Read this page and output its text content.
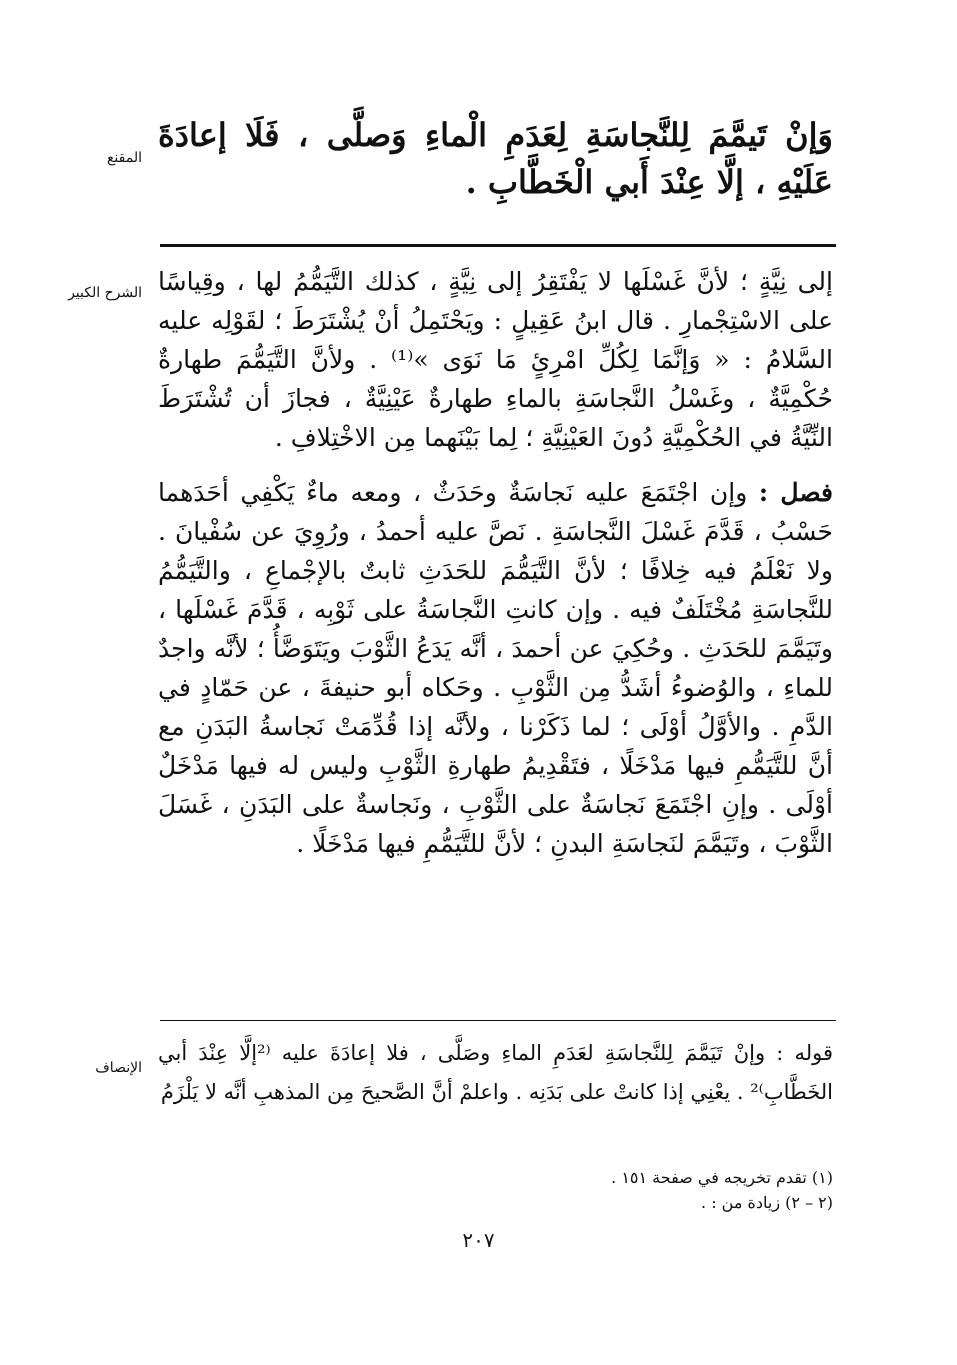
المقنع
وَإنْ تَيمَّمَ لِلنَّجاسَةِ لِعَدَمِ الْماءِ وَصلَّى ، فَلَا إعادَةَ عَلَيْهِ ، إلَّا عِنْدَ أَبي الْخَطَّابِ .
الشرح الكبير إلى نِيَّةٍ ؛ لأنَّ غَسْلَها لا يَفْتَقِرُ إلى نِيَّةٍ ، كذلك التَّيَمُّمُ لها ، وقِياسًا على الاسْتِجْمارِ . قال ابنُ عَقِيلٍ : ويَحْتَمِلُ أنْ يُشْتَرَطَ ؛ لقَوْلِه عليه السَّلامُ : « وَإنَّمَا لِكُلِّ امْرِئٍ مَا نَوَى »⁽¹⁾ . ولأنَّ التَّيَمُّمَ طهارةٌ حُكْمِيَّةٌ ، وغَسْلُ النَّجاسَةِ بالماءِ طهارةٌ عَيْنِيَّةٌ ، فجازَ أن تُشْتَرَطَ النِّيَّةُ في الحُكْمِيَّةِ دُونَ العَيْنِيَّةِ ؛ لِما بَيْنَهما مِن الاخْتِلافِ .

فصل : وإن اجْتَمَعَ عليه نَجاسَةٌ وحَدَثٌ ، ومعه ماءٌ يَكْفِي أحَدَهما حَسْبُ ، قَدَّمَ غَسْلَ النَّجاسَةِ . نَصَّ عليه أحمدُ ، ورُوِيَ عن سُفْيانَ . ولا نَعْلَمُ فيه خِلافًا ؛ لأنَّ التَّيَمُّمَ للحَدَثِ ثابتٌ بالإجْماعِ ، والتَّيَمُّمُ للنَّجاسَةِ مُخْتَلَفٌ فيه . وإن كانتِ النَّجاسَةُ على ثَوْبِه ، قَدَّمَ غَسْلَها ، وتَيَمَّمَ للحَدَثِ . وحُكِيَ عن أحمدَ ، أنَّه يَدَعُ الثَّوْبَ ويَتَوَضَّأُ ؛ لأنَّه واجدٌ للماءِ ، والوُضوءُ أشَدُّ مِن الثَّوْبِ . وحَكاه أبو حنيفةَ ، عن حَمّادٍ في الدَّمِ . والأوَّلُ أوْلَى ؛ لما ذَكَرْنا ، ولأنَّه إذا قُدِّمَتْ نَجاسةُ البَدَنِ مع أنَّ للتَّيَمُّمِ فيها مَدْخَلًا ، فتَقْدِيمُ طهارةِ الثَّوْبِ وليس له فيها مَدْخَلٌ أوْلَى . وإنِ اجْتَمَعَ نَجاسَةٌ على الثَّوْبِ ، ونَجاسةٌ على البَدَنِ ، غَسَلَ الثَّوْبَ ، وتَيَمَّمَ لنَجاسَةِ البدنِ ؛ لأنَّ للتَّيَمُّمِ فيها مَدْخَلًا .

الإنصاف
قوله : وإنْ تَيَمَّمَ لِلنَّجاسَةِ لعَدَمِ الماءِ وصَلَّى ، فلا إعادَةَ عليه ⁽²إلَّا عِنْدَ أبي الخَطَّابِ⁾² . يعْنِي إذا كانتْ على بَدَنِه . واعلمْ أنَّ الصَّحيحَ مِن المذهبِ أنَّه لا يَلْزَمُ
(١) تقدم تخريجه في صفحة ١٥١ .
(٢ – ٢) زيادة من : .
٢٠٧
